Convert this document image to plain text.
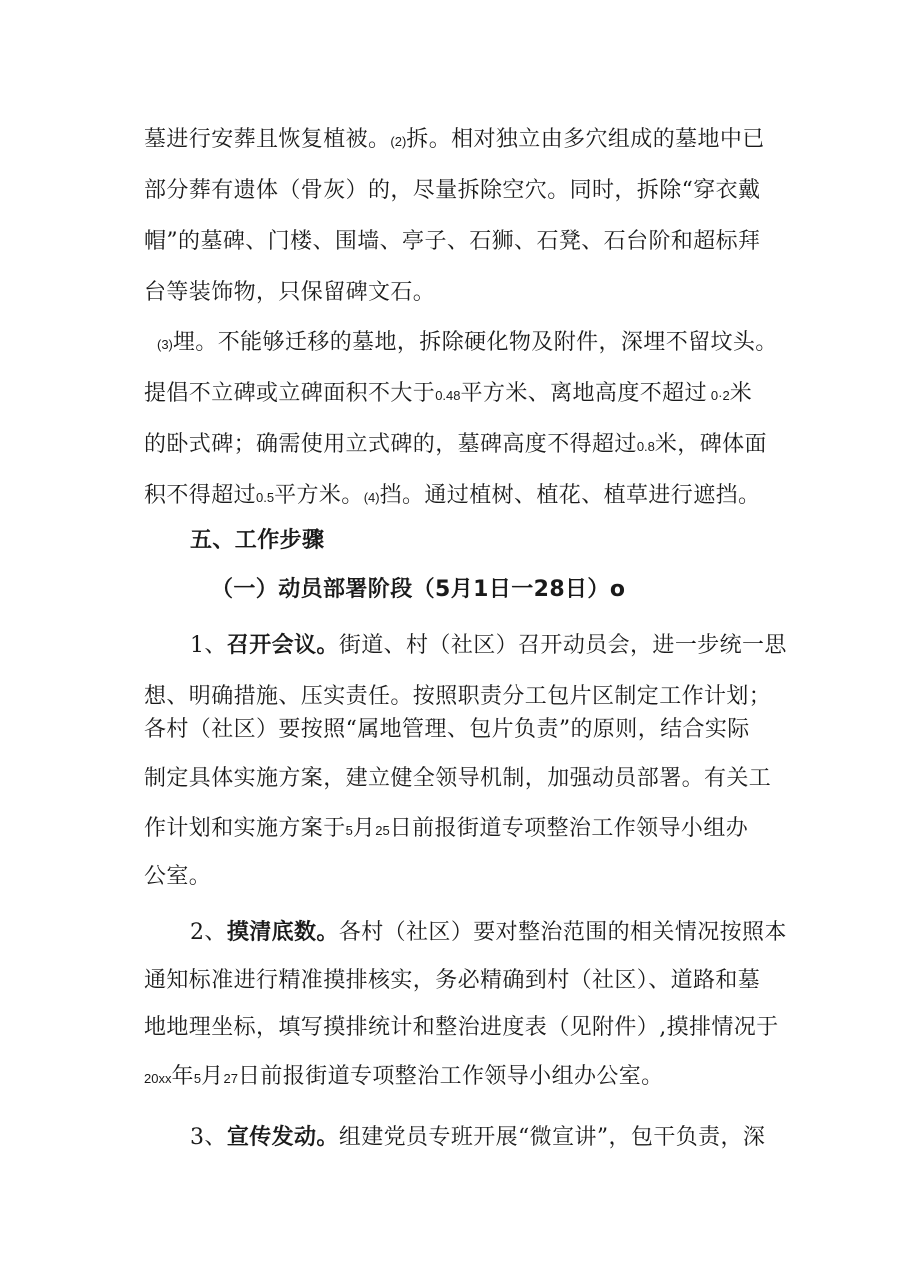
墓进行安葬且恢复植被。(2)拆。相对独立由多穴组成的墓地中已
部分葬有遗体（骨灰）的，尽量拆除空穴。同时，拆除“穿衣戴
帽”的墓碑、门楼、围墙、亭子、石狮、石凳、石台阶和超标拜
台等装饰物，只保留碑文石。
(3)埋。不能够迁移的墓地，拆除硬化物及附件，深埋不留坟头。
提倡不立碑或立碑面积不大于0.48平方米、离地高度不超过 0·2米
的卧式碑；确需使用立式碑的，墓碑高度不得超过0.8米，碑体面
积不得超过0.5平方米。(4)挡。通过植树、植花、植草进行遮挡。
五、工作步骤
（一）动员部署阶段（5月1日一28日）o
1、召开会议。街道、村（社区）召开动员会，进一步统一思
想、明确措施、压实责任。按照职责分工包片区制定工作计划；
各村（社区）要按照“属地管理、包片负责”的原则，结合实际
制定具体实施方案，建立健全领导机制，加强动员部署。有关工
作计划和实施方案于5月25日前报街道专项整治工作领导小组办
公室。
2、摸清底数。各村（社区）要对整治范围的相关情况按照本
通知标准进行精准摸排核实，务必精确到村（社区）、道路和墓
地地理坐标，填写摸排统计和整治进度表（见附件）,摸排情况于
20xx年5月27日前报街道专项整治工作领导小组办公室。
3、宣传发动。组建党员专班开展“微宣讲”，包干负责，深
